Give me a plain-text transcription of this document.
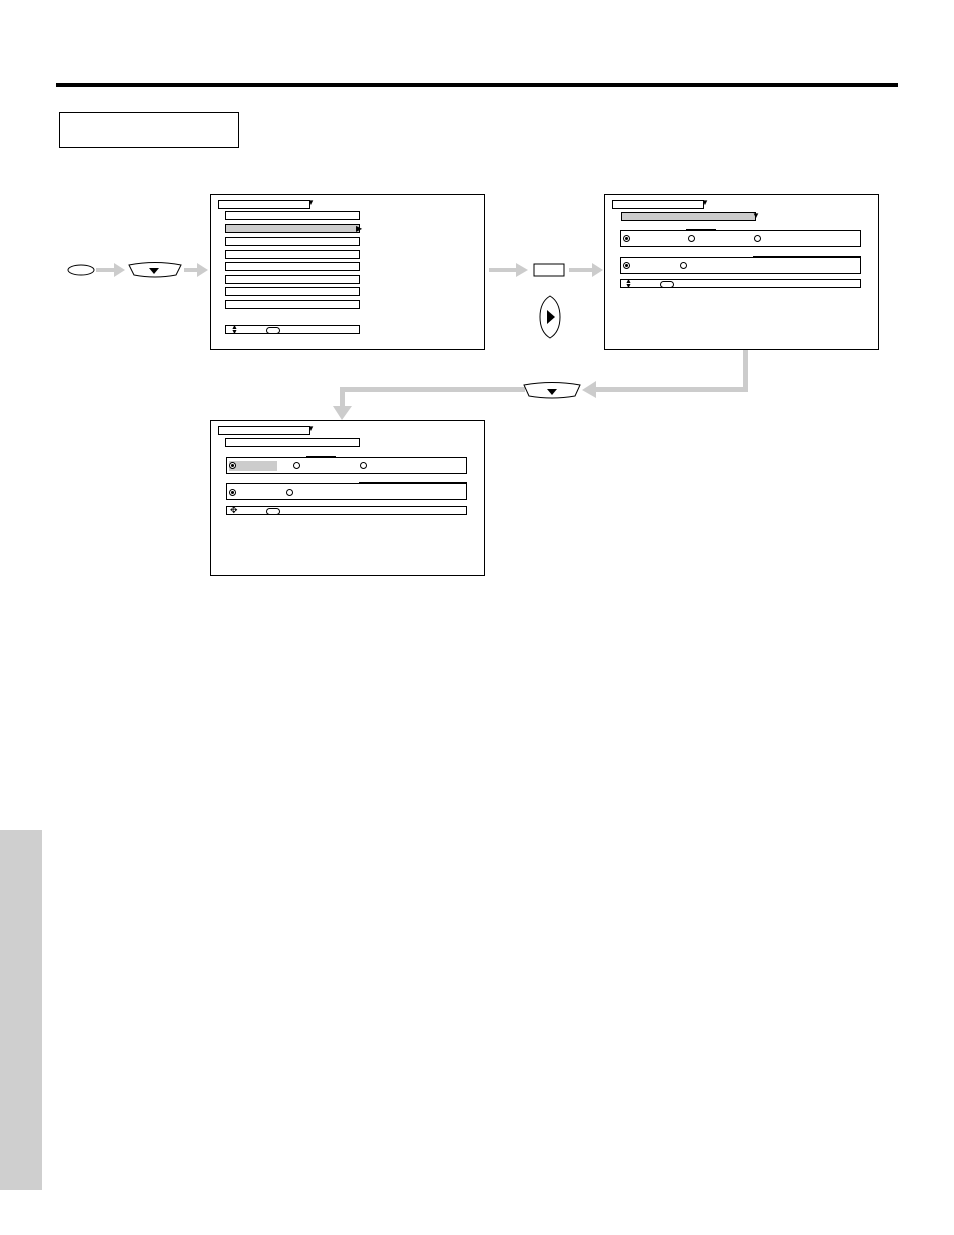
▼
▶
▲
▼
▼
▼
▲
▼
▼
✥
